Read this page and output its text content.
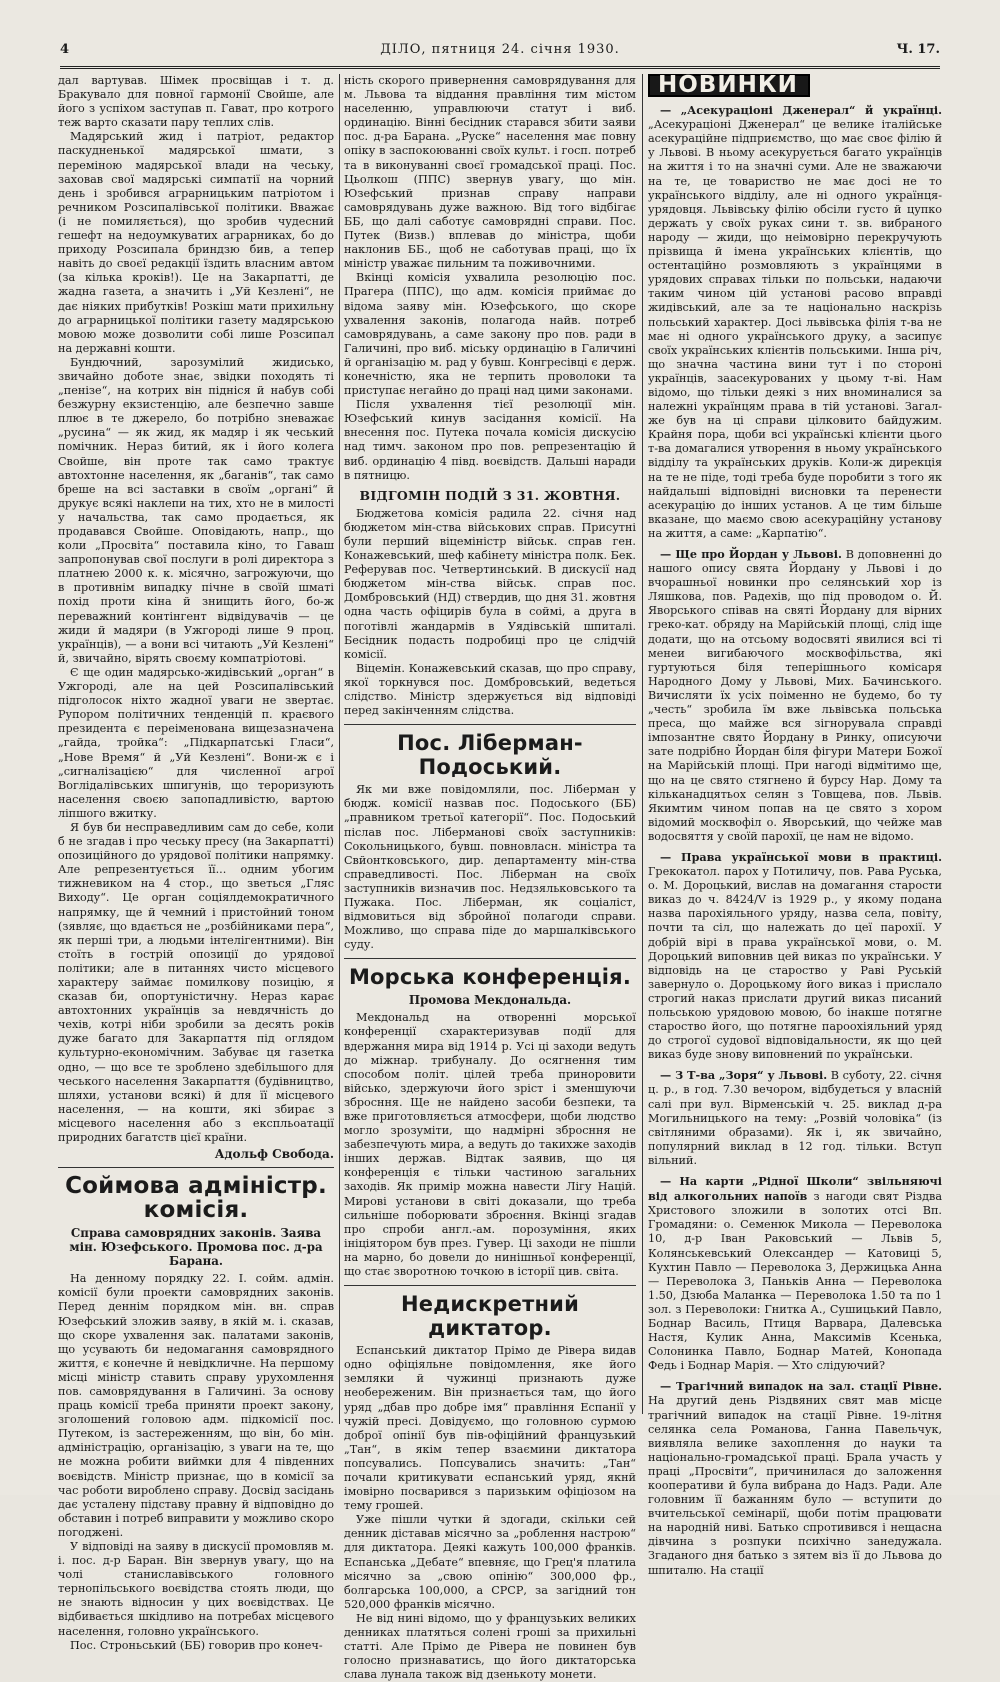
4	ДІЛО, пятниця 24. січня 1930.	Ч. 17.

дал вартував. Шімек просвіщав і т. д. Бракувало для повної гармонії Свойше, але його з успіхом заступав п. Гават, про котрого теж варто сказати пару теплих слів.

Мадярський жид і патріот, редактор паскудненької мадярської шмати, з переміною мадярської влади на чеську, заховав свої мадярські симпатії на чорний день і зробився аграрницьким патріотом і речником Розсипалівської політики. Вважає (і не помиляється), що зробив чудесний гешефт на недоумкуватих аграрниках, бо до приходу Розсипала бриндзю бив, а тепер навіть до своєї редакції їздить власним автом (за кілька кроків!). Це на Закарпатті, де жадна газета, а значить і „Уй Кезлені“, не дає ніяких прибутків! Розкіш мати прихильну до аграрницької політики газету мадярською мовою може дозволити собі лише Розсипал на державні кошти.

Бундючний, зарозумілий жидисько, звичайно доботе знає, звідки походять ті „пенізе“, на котрих він підніся й набув собі безжурну екзистенцію, але безпечно завше плює в те джерело, бо потрібно зневажає „русина“ — як жид, як мадяр і як чеський помічник. Нераз битий, як і його колега Свойше, він проте так само трактує автохтонне населення, як „баганів“, так само бреше на всі заставки в своїм „органі“ й друкує всякі наклепи на тих, хто не в милості у начальства, так само продається, як продавався Свойше. Оповідають, напр., що коли „Просвіта“ поставила кіно, то Гаваш запропонував свої послуги в ролі директора з платнею 2000 к. к. місячно, загрожуючи, що в противнім випадку пічне в своїй шматі похід проти кіна й знищить його, бо-ж переважний контінгент відвідувачів — це жиди й мадяри (в Ужгороді лише 9 проц. українців), — а вони всі читають „Уй Кезлені“ й, звичайно, вірять своєму компатріотові.

Є ще один мадярсько-жидівський „орган“ в Ужгороді, але на цей Розсипалівський підголосок ніхто жадної уваги не звертає. Рупором політичних тенденцій п. краєвого президента є переіменована вищезазначена „гайда, тройка“: „Підкарпатські Гласи“, „Нове Время“ й „Уй Кезлені“. Вони-ж є і „сигналізацією“ для численної агрої Воглідалівських шпигунів, що тероризують населення своєю запопадливістю, вартою ліпшого вжитку.

Я був би несправедливим сам до себе, коли б не згадав і про чеську пресу (на Закарпатті) опозиційного до урядової політики напрямку. Але репрезентується її... одним убогим тижневиком на 4 стор., що зветься „Гляс Виходу“. Це орган соціялдемократичного напрямку, ще й чемний і пристойний тоном (зявляє, що вдається не „розбійниками пера“, як перші три, а людьми інтелігентними). Він стоїть в гострій опозиції до урядової політики; але в питаннях чисто місцевого характеру займає помилкову позицію, я сказав би, опортуністичну. Нераз карає автохтонних українців за невдячність до чехів, котрі ніби зробили за десять років дуже багато для Закарпаття під оглядом культурно-економічним. Забуває ця газетка одно, — що все те зроблено здебільшого для чеського населення Закарпаття (будівництво, шляхи, установи всякі) й для її місцевого населення, — на кошти, які збирає з місцевого населення або з експльоатації природних багатств цієї країни.

Адольф Свобода.
Соймова адміністр. комісія.
Справа самоврядних законів. Заява мін. Юзефського. Промова пос. д-ра Барана.

На денному порядку 22. І. сойм. адмін. комісії були проекти самоврядних законів. Перед деннім порядком мін. вн. справ Юзефський зложив заяву, в якій м. і. сказав, що скоре ухвалення зак. палатами законів, що усувають би недомагання самоврядного життя, є конечне й невідкличне. На першому місці міністр ставить справу урухомлення пов. самоврядування в Галичині. За основу праць комісії треба приняти проект закону, зголошений головою адм. підкомісії пос. Путеком, із застереженням, що він, бо мін. адміністрацію, організацію, з уваги на те, що не можна робити виймки для 4 південних воєвідств. Міністр признає, що в комісії за час роботи вироблено справу. Досвід засідань дає усталену підставу правну й відповідно до обставин і потреб виправити у можливо скоро погоджені.

У відповіді на заяву в дискусії промовляв м. і. пос. д-р Баран. Він звернув увагу, що на чолі станиславівського головного тернопільського воєвідства стоять люди, що не знають відносин у цих воєвідствах. Це відбивається шкідливо на потребах місцевого населення, головно українського.

Пос. Строньський (ББ) говорив про конеч-

ність скорого привернення самоврядування для м. Львова та віддання правління тим містом населенню, управлюючи статут і виб. ординацію. Вінні бесідник старався збити заяви пос. д-ра Барана. „Руске“ населення має повну опіку в заспокоюванні своїх культ. і госп. потреб та в виконуванні своєї громадської праці. Пос. Цьолкош (ППС) звернув увагу, що мін. Юзефський признав справу направи самоврядувань дуже важною. Від того відбігає ББ, що далі саботує самоврядні справи. Пос. Путек (Визв.) вплевав до міністра, щоби наклонив ББ., щоб не саботував праці, що їх міністр уважає пильним та поживочними.

Вкінці комісія ухвалила резолюцію пос. Прагера (ППС), що адм. комісія приймає до відома заяву мін. Юзефського, що скоре ухвалення законів, полагода найв. потреб самоврядувань, а саме закону про пов. ради в Галичині, про виб. міську ординацію в Галичині й організацію м. рад у бувш. Конгресівці є держ. конечністю, яка не терпить проволоки та приступає негайно до праці над цими законами.

Після ухвалення тієї резолюції мін. Юзефський кинув засідання комісії. На внесення пос. Путека почала комісія дискусію над тимч. законом про пов. репрезентацію й виб. ординацію 4 півд. воєвідств. Дальші наради в пятницю.

ВІДГОМІН ПОДІЙ З 31. ЖОВТНЯ.

Бюджетова комісія радила 22. січня над бюджетом мін-ства військових справ. Присутні були перший віцеміністр військ. справ ген. Конажевський, шеф кабінету міністра полк. Бек. Реферував пос. Четвертинський. В дискусії над бюджетом мін-ства військ. справ пос. Домбровський (НД) ствердив, що дня 31. жовтня одна часть офіцирів була в соймі, а друга в поготівлі жандармів в Уядівській шпиталі. Бесідник подасть подробиці про це слідчій комісії.

Віцемін. Конажевський сказав, що про справу, якої торкнувся пос. Домбровський, ведеться слідство. Міністр здержується від відповіді перед закінченням слідства.

Пос. Ліберман-Подоський.

Як ми вже повідомляли, пос. Ліберман у бюдж. комісії назвав пос. Подоського (ББ) „правником третьої категорії“. Пос. Подоський післав пос. Ліберманові своїх заступників: Сокольницького, бувш. повновласн. міністра та Свйонтковського, дир. департаменту мін-ства справедливості. Пос. Ліберман на своїх заступників визначив пос. Недзяльковського та Пужака. Пос. Ліберман, як соціаліст, відмовиться від збройної полагоди справи. Можливо, що справа піде до маршалківського суду.

Морська конференція.
Промова Мекдональда.

Мекдональд на отворенні морської конференції схарактеризував події для вдержання мира від 1914 р. Усі ці заходи ведуть до міжнар. трибуналу. До осягнення тим способом політ. цілей треба приноровити військо, здержуючи його зріст і зменшуючи збросння. Ще не найдено засоби безпеки, та вже приготовляється атмосфери, щоби людство могло зрозуміти, що надмірні збросння не забезпечують мира, а ведуть до такихже заходів інших держав. Відтак заявив, що ця конференція є тільки частиною загальних заходів. Як примір можна навести Лігу Націй. Мирові установи в світі доказали, що треба сильніше поборювати зброєння. Вкінці згадав про спроби англ.-ам. порозуміння, яких ініціятором був през. Гувер. Ці заходи не пішли на марно, бо довели до нинішньої конференції, що стає зворотною точкою в історії цив. світа.

Недискретний диктатор.

Еспанський диктатор Прімо де Рівера видав одно офіціяльне повідомлення, яке його земляки й чужинці признають дуже необереженим. Він признається там, що його уряд „дбав про добре імя“ правління Еспанії у чужій пресі. Довідуємо, що головною сурмою доброї опінії був пів-офіційний французький „Тан“, в якім тепер взаємини диктатора попсувались. Попсувались значить: „Тан“ почали критикувати еспанський уряд, якнй імовірно посварився з паризьким офіціозом на тему грошей.

Уже пішли чутки й здогади, скільки сей денник діставав місячно за „роблення настрою“ для диктатора. Деякі кажуть 100,000 франків. Еспанська „Дебате“ впевняє, що Грец'я платила місячно за „свою опінію“ 300,000 фр., болгарська 100,000, а СРСР, за загідний тон 520,000 франків місячно.

Не від нині відомо, що у французьких великих денниках платяться солені гроші за прихильні статті. Але Прімо де Рівера не повинен був голосно признаватись, що його диктаторська слава лунала також від дзенькоту монети.

НОВИНКИ

— „Асекураціоні Дженерал“ й українці. „Асекураціоні Дженерал“ це велике італійське асекураційне підприємство, що має своє філію й у Львові. В ньому асекурується багато українців на життя і то на значні суми. Але не зважаючи на те, це товариство не має досі не то українського відділу, але ні одного українця-урядовця. Львівську філію обсіли густо й цупко держать у своїх руках сини т. зв. вибраного народу — жиди, що неімовірно перекручують прізвища й імена українських клієнтів, що остентаційно розмовляють з українцями в урядових справах тільки по польськи, надаючи таким чином цій установі расово вправді жидівський, але за те національно наскрізь польський характер. Досі львівська філія т-ва не має ні одного українського друку, а засипує своїх українських клієнтів польськими. Інша річ, що значна частина вини тут і по стороні українців, заасекурованих у цьому т-ві. Нам відомо, що тільки деякі з них вноминалися за належні українцям права в тій установі. Загал-же був на ці справи цілковито байдужим. Крайня пора, щоби всі українські клієнти цього т-ва домагалися утворення в ньому українського відділу та українських друків. Коли-ж дирекція на те не піде, тоді треба буде поробити з того як найдальші відповідні висновки та перенести асекурацію до інших установ. А це тим більше вказане, що маємо свою асекураційну установу на життя, а саме: „Карпатію“.

— Ще про Йордан у Львові. В доповненні до нашого опису свята Йордану у Львові і до вчорашньої новинки про селянський хор із Ляшкова, пов. Радехів, що під проводом о. Й. Яворського співав на святі Йордану для вірних греко-кат. обряду на Марійській площі, слід іще додати, що на отсьому водосвяті явилися всі ті менеи вигибаючого москвофільства, які гуртуються біля теперішнього комісаря Народного Дому у Львові, Мих. Бачинського. Вичисляти їх усіх поіменно не будемо, бо ту „честь“ зробила їм вже львівська польська преса, що майже вся зігнорувала справді імпозантне свято Йордану в Ринку, описуючи зате подрібно Йордан біля фігури Матери Божої на Марійській площі. При нагоді відмітимо ще, що на це свято стягнено й бурсу Нар. Дому та кільканадцятьох селян з Товщева, пов. Львів. Якимтим чином попав на це свято з хором відомий москвофіл о. Яворський, що чейже мав водосвяття у своїй парохії, це нам не відомо.

— Права української мови в практиці. Грекокатол. парох у Потиличу, пов. Рава Руська, о. М. Дороцький, вислав на домагання старости виказ до ч. 8424/V із 1929 р., у якому подана назва парохіяльного уряду, назва села, повіту, почти та сіл, що належать до цеї парохії. У добрій вірі в права української мови, о. М. Дороцький виповнив цей виказ по українськи. У відповідь на це староство у Раві Руській завернуло о. Дороцькому його виказ і прислало строгий наказ прислати другий виказ писаний польською урядовою мовою, бо інакше потягне староство його, що потягне пароохіяльний уряд до строгої судової відповідальности, як що цей виказ буде знову виповнений по українськи.

— З Т-ва „Зоря“ у Львові. В суботу, 22. січня ц. р., в год. 7.30 вечором, відбудеться у власній салі при вул. Вірменській ч. 25. виклад д-ра Могильницького на тему: „Розвій чоловіка“ (із світляними образами). Як і, як звичайно, популярний виклад в 12 год. тільки. Вступ вільний.

— На карти „Рідної Школи“ звільняючі від алкогольних напоїв з нагоди свят Різдва Христового зложили в золотих отсі Вп. Громадяни: о. Семенюк Микола — Переволока 10, д-р Іван Раковський — Львів 5, Колянськевський Олександер — Катовиці 5, Кухтин Павло — Переволока 3, Держицька Анна — Переволока 3, Паньків Анна — Переволока 1.50, Дзюба Маланка — Переволока 1.50 та по 1 зол. з Переволоки: Гнитка А., Сушицький Павло, Боднар Василь, Птиця Варвара, Далевська Настя, Кулик Анна, Максимів Ксенька, Солонинка Павло, Боднар Матей, Конопада Федь і Боднар Марія. — Хто слідуючий?

— Трагічний випадок на зал. стації Рівне. На другий день Різдвяних свят мав місце трагічний випадок на стації Рівне. 19-літня селянка села Романова, Ганна Павельчук, виявляла велике захоплення до науки та національно-громадської праці. Брала участь у праці „Просвіти“, причинилася до заложення кооперативи й була вибрана до Надз. Ради. Але головним її бажанням було — вступити до вчительської семінарії, щоби потім працювати на народній ниві. Батько спротивився і нещасна дівчина з розпуки психічно занедужала. Згаданого дня батько з зятем віз її до Львова до шпиталю. На стації
